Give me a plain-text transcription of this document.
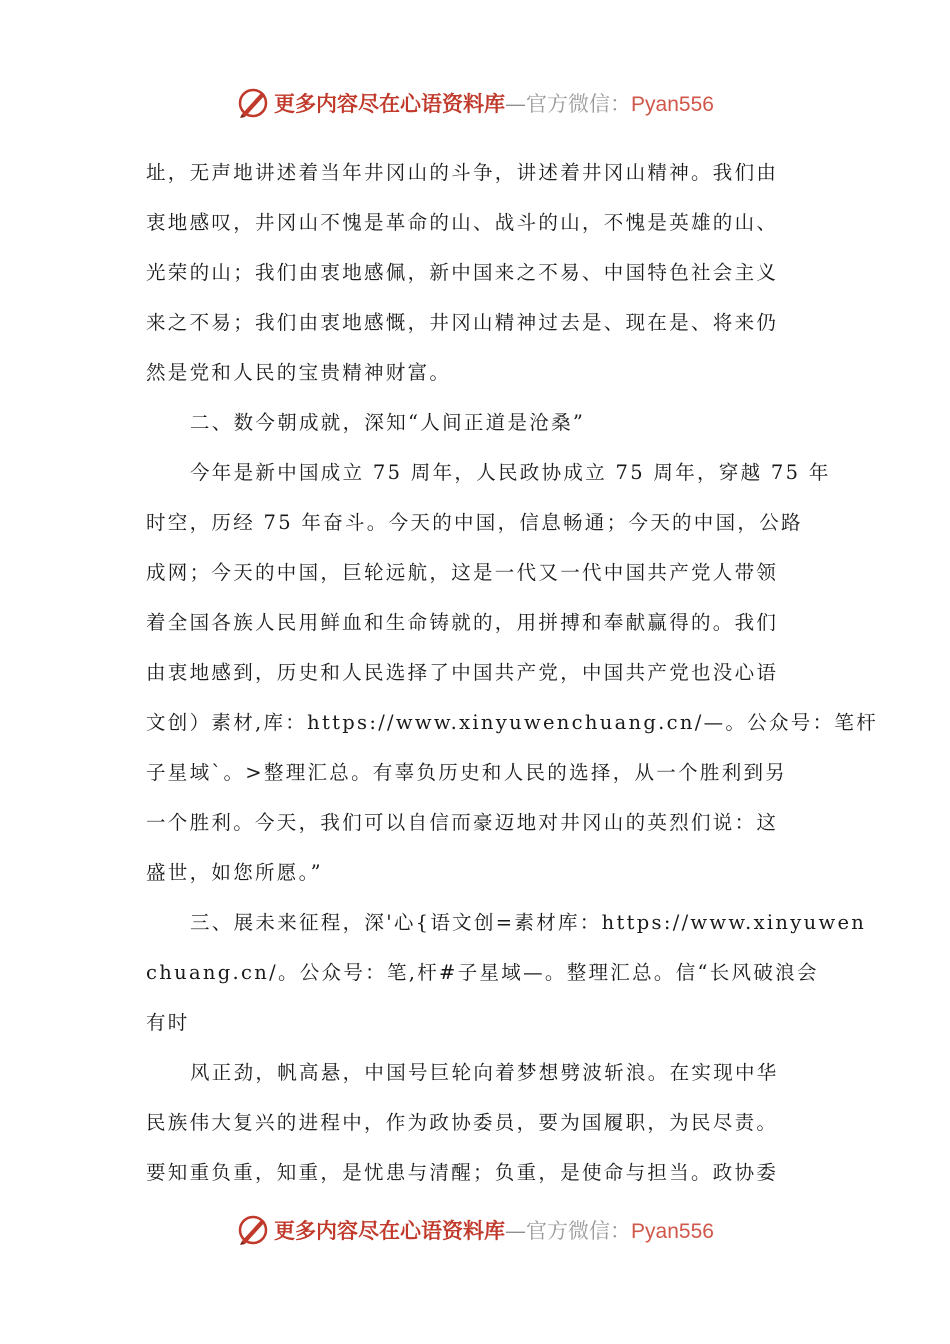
更多内容尽在心语资料库—官方微信：Pyan556
址，无声地讲述着当年井冈山的斗争，讲述着井冈山精神。我们由
衷地感叹，井冈山不愧是革命的山、战斗的山，不愧是英雄的山、
光荣的山；我们由衷地感佩，新中国来之不易、中国特色社会主义
来之不易；我们由衷地感慨，井冈山精神过去是、现在是、将来仍
然是党和人民的宝贵精神财富。
二、数今朝成就，深知“人间正道是沧桑”
今年是新中国成立 75 周年，人民政协成立 75 周年，穿越 75 年
时空，历经 75 年奋斗。今天的中国，信息畅通；今天的中国，公路
成网；今天的中国，巨轮远航，这是一代又一代中国共产党人带领
着全国各族人民用鲜血和生命铸就的，用拼搏和奉献赢得的。我们
由衷地感到，历史和人民选择了中国共产党，中国共产党也没心语
文创）素材,库：https://www.xinyuwenchuang.cn/—。公众号：笔杆
子星域`。>整理汇总。有辜负历史和人民的选择，从一个胜利到另
一个胜利。今天，我们可以自信而豪迈地对井冈山的英烈们说：这
盛世，如您所愿。”
三、展未来征程，深'心{语文创=素材库：https://www.xinyuwen
chuang.cn/。公众号：笔,杆#子星域—。整理汇总。信“长风破浪会
有时
风正劲，帆高悬，中国号巨轮向着梦想劈波斩浪。在实现中华
民族伟大复兴的进程中，作为政协委员，要为国履职，为民尽责。
要知重负重，知重，是忧患与清醒；负重，是使命与担当。政协委
更多内容尽在心语资料库—官方微信：Pyan556
